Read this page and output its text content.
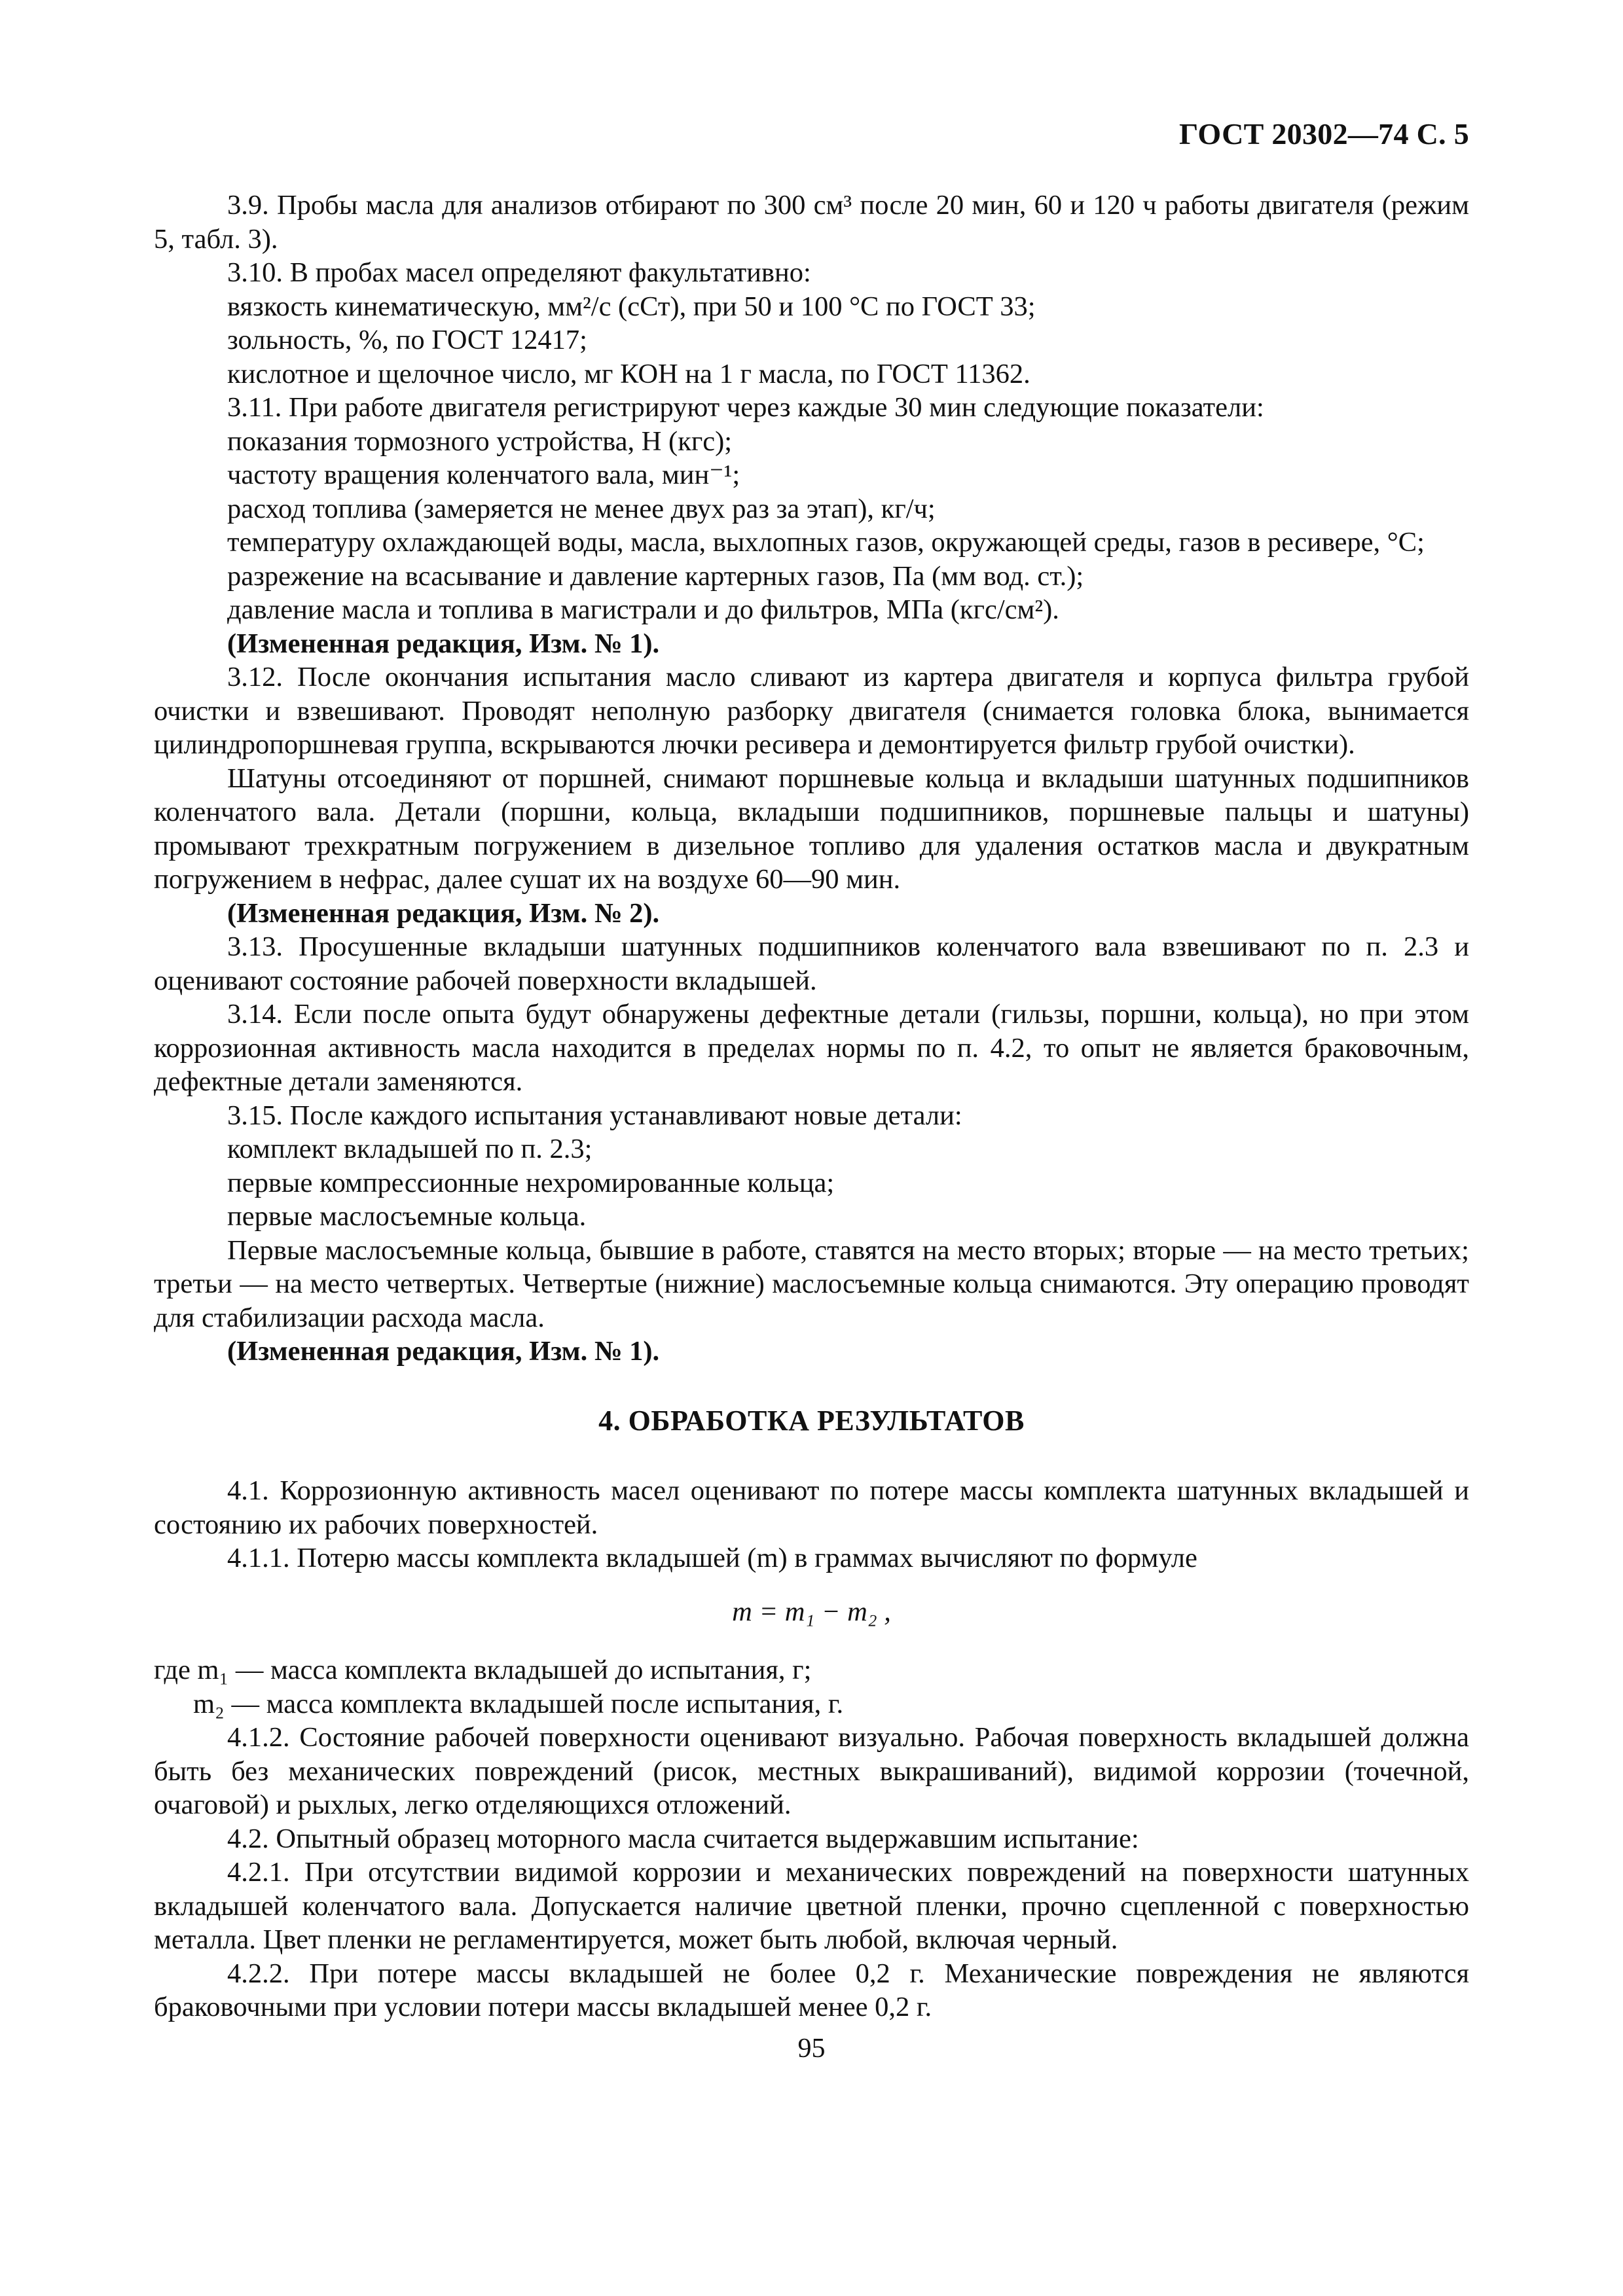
ГОСТ 20302—74 С. 5

3.9. Пробы масла для анализов отбирают по 300 см³ после 20 мин, 60 и 120 ч работы двигателя (режим 5, табл. 3).

3.10. В пробах масел определяют факультативно:

вязкость кинематическую, мм²/с (сСт), при 50 и 100 °С по ГОСТ 33;

зольность, %, по ГОСТ 12417;

кислотное и щелочное число, мг КОН на 1 г масла, по ГОСТ 11362.

3.11. При работе двигателя регистрируют через каждые 30 мин следующие показатели:

показания тормозного устройства, Н (кгс);

частоту вращения коленчатого вала, мин⁻¹;

расход топлива (замеряется не менее двух раз за этап), кг/ч;

температуру охлаждающей воды, масла, выхлопных газов, окружающей среды, газов в ресивере, °С;

разрежение на всасывание и давление картерных газов, Па (мм вод. ст.);

давление масла и топлива в магистрали и до фильтров, МПа (кгс/см²).

(Измененная редакция, Изм. № 1).

3.12. После окончания испытания масло сливают из картера двигателя и корпуса фильтра грубой очистки и взвешивают. Проводят неполную разборку двигателя (снимается головка блока, вынимается цилиндропоршневая группа, вскрываются лючки ресивера и демонтируется фильтр грубой очистки).

Шатуны отсоединяют от поршней, снимают поршневые кольца и вкладыши шатунных подшипников коленчатого вала. Детали (поршни, кольца, вкладыши подшипников, поршневые пальцы и шатуны) промывают трехкратным погружением в дизельное топливо для удаления остатков масла и двукратным погружением в нефрас, далее сушат их на воздухе 60—90 мин.

(Измененная редакция, Изм. № 2).

3.13. Просушенные вкладыши шатунных подшипников коленчатого вала взвешивают по п. 2.3 и оценивают состояние рабочей поверхности вкладышей.

3.14. Если после опыта будут обнаружены дефектные детали (гильзы, поршни, кольца), но при этом коррозионная активность масла находится в пределах нормы по п. 4.2, то опыт не является браковочным, дефектные детали заменяются.

3.15. После каждого испытания устанавливают новые детали:

комплект вкладышей по п. 2.3;

первые компрессионные нехромированные кольца;

первые маслосъемные кольца.

Первые маслосъемные кольца, бывшие в работе, ставятся на место вторых; вторые — на место третьих; третьи — на место четвертых. Четвертые (нижние) маслосъемные кольца снимаются. Эту операцию проводят для стабилизации расхода масла.

(Измененная редакция, Изм. № 1).

4. ОБРАБОТКА РЕЗУЛЬТАТОВ

4.1. Коррозионную активность масел оценивают по потере массы комплекта шатунных вкладышей и состоянию их рабочих поверхностей.

4.1.1. Потерю массы комплекта вкладышей (m) в граммах вычисляют по формуле

m = m₁ − m₂ ,

где m₁ — масса комплекта вкладышей до испытания, г;

m₂ — масса комплекта вкладышей после испытания, г.

4.1.2. Состояние рабочей поверхности оценивают визуально. Рабочая поверхность вкладышей должна быть без механических повреждений (рисок, местных выкрашиваний), видимой коррозии (точечной, очаговой) и рыхлых, легко отделяющихся отложений.

4.2. Опытный образец моторного масла считается выдержавшим испытание:

4.2.1. При отсутствии видимой коррозии и механических повреждений на поверхности шатунных вкладышей коленчатого вала. Допускается наличие цветной пленки, прочно сцепленной с поверхностью металла. Цвет пленки не регламентируется, может быть любой, включая черный.

4.2.2. При потере массы вкладышей не более 0,2 г. Механические повреждения не являются браковочными при условии потери массы вкладышей менее 0,2 г.

95
